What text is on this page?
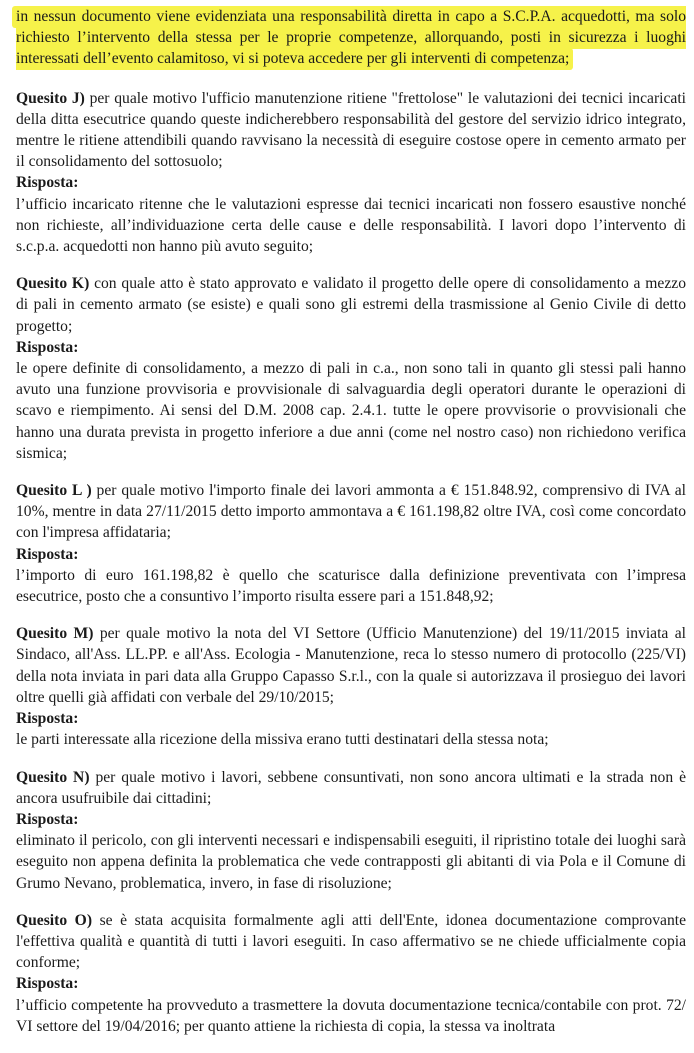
in nessun documento viene evidenziata una responsabilità diretta in capo a S.C.P.A. acquedotti, ma solo richiesto l’intervento della stessa per le proprie competenze, allorquando, posti in sicurezza i luoghi interessati dell’evento calamitoso, vi si poteva accedere per gli interventi di competenza;

Quesito J) per quale motivo l'ufficio manutenzione ritiene "frettolose" le valutazioni dei tecnici incaricati della ditta esecutrice quando queste indicherebbero responsabilità del gestore del servizio idrico integrato, mentre le ritiene attendibili quando ravvisano la necessità di eseguire costose opere in cemento armato per il consolidamento del sottosuolo;

Risposta:
l’ufficio incaricato ritenne che le valutazioni espresse dai tecnici incaricati non fossero esaustive nonché non richieste, all’individuazione certa delle cause e delle responsabilità. I lavori dopo l’intervento di s.c.p.a. acquedotti non hanno più avuto seguito;

Quesito K) con quale atto è stato approvato e validato il progetto delle opere di consolidamento a mezzo di pali in cemento armato (se esiste) e quali sono gli estremi della trasmissione al Genio Civile di detto progetto;

Risposta:
le opere definite di consolidamento, a mezzo di pali in c.a., non sono tali in quanto gli stessi pali hanno avuto una funzione provvisoria e provvisionale di salvaguardia degli operatori durante le operazioni di scavo e riempimento. Ai sensi del D.M. 2008 cap. 2.4.1. tutte le opere provvisorie o provvisionali che hanno una durata prevista in progetto inferiore a due anni (come nel nostro caso) non richiedono verifica sismica;

Quesito L ) per quale motivo l'importo finale dei lavori ammonta a € 151.848.92, comprensivo di IVA al 10%, mentre in data 27/11/2015 detto importo ammontava a € 161.198,82 oltre IVA, così come concordato con l'impresa affidataria;

Risposta:
l’importo di euro 161.198,82 è quello che scaturisce dalla definizione preventivata con l’impresa esecutrice, posto che a consuntivo l’importo risulta essere pari a 151.848,92;

Quesito M) per quale motivo la nota del VI Settore (Ufficio Manutenzione) del 19/11/2015 inviata al Sindaco, all'Ass. LL.PP. e all'Ass. Ecologia - Manutenzione, reca lo stesso numero di protocollo (225/VI) della nota inviata in pari data alla Gruppo Capasso S.r.l., con la quale si autorizzava il prosieguo dei lavori oltre quelli già affidati con verbale del 29/10/2015;

Risposta:
le parti interessate alla ricezione della missiva erano tutti destinatari della stessa nota;

Quesito N) per quale motivo i lavori, sebbene consuntivati, non sono ancora ultimati e la strada non è ancora usufruibile dai cittadini;

Risposta:
eliminato il pericolo, con gli interventi necessari e indispensabili eseguiti, il ripristino totale dei luoghi sarà eseguito non appena definita la problematica che vede contrapposti gli abitanti di via Pola e il Comune di Grumo Nevano, problematica, invero, in fase di risoluzione;

Quesito O) se è stata acquisita formalmente agli atti dell'Ente, idonea documentazione comprovante l'effettiva qualità e quantità di tutti i lavori eseguiti. In caso affermativo se ne chiede ufficialmente copia conforme;

Risposta:
l’ufficio competente ha provveduto a trasmettere la dovuta documentazione tecnica/contabile con prot. 72/ VI settore del 19/04/2016; per quanto attiene la richiesta di copia, la stessa va inoltrata
